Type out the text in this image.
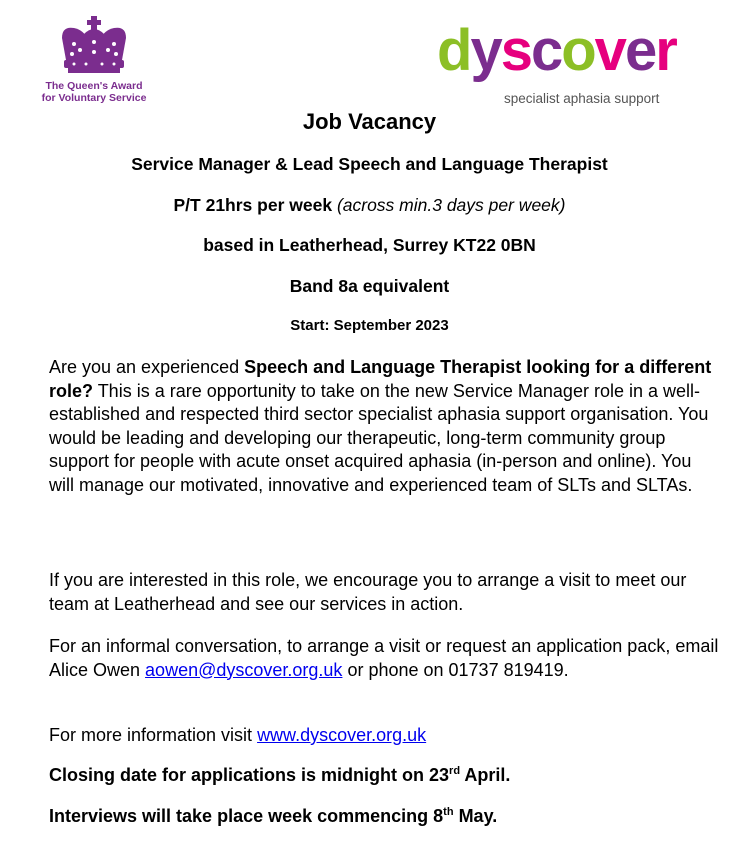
The Queen's Award
for Voluntary Service
dyscover
specialist aphasia support
Job Vacancy
Service Manager & Lead Speech and Language Therapist
P/T 21hrs per week (across min.3 days per week)
based in Leatherhead, Surrey KT22 0BN
Band 8a equivalent
Start: September 2023
Are you an experienced Speech and Language Therapist looking for a different role? This is a rare opportunity to take on the new Service Manager role in a well-established and respected third sector specialist aphasia support organisation. You would be leading and developing our therapeutic, long-term community group support for people with acute onset acquired aphasia (in-person and online). You will manage our motivated, innovative and experienced team of SLTs and SLTAs.
If you are interested in this role, we encourage you to arrange a visit to meet our team at Leatherhead and see our services in action.
For an informal conversation, to arrange a visit or request an application pack, email Alice Owen aowen@dyscover.org.uk or phone on 01737 819419.
For more information visit www.dyscover.org.uk
Closing date for applications is midnight on 23rd April.
Interviews will take place week commencing 8th May.
